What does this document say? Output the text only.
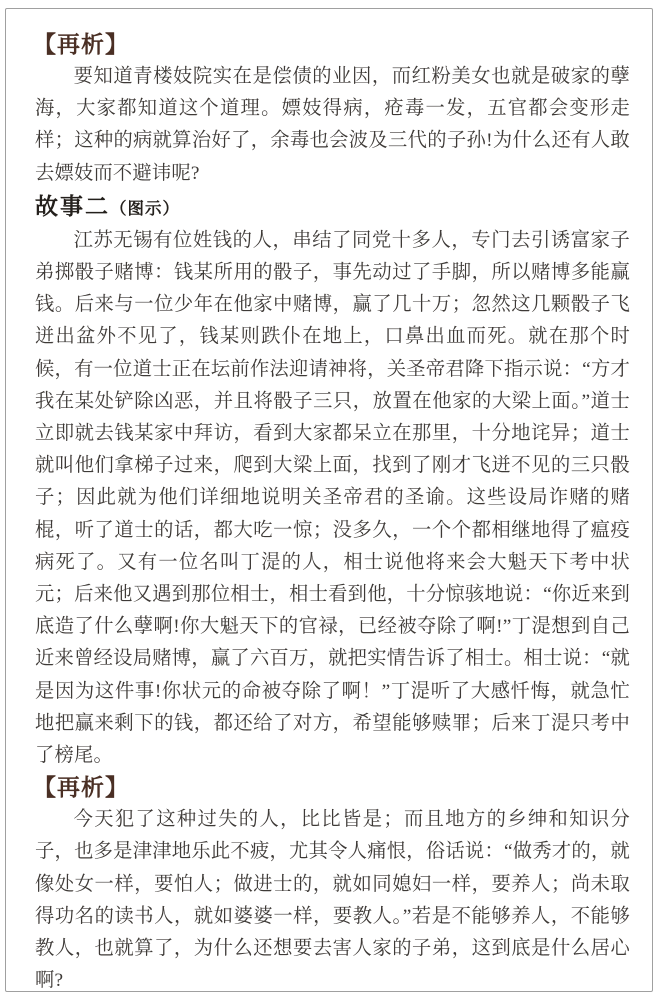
【再析】

要知道青楼妓院实在是偿债的业因，而红粉美女也就是破家的孽海，大家都知道这个道理。嫖妓得病，疮毒一发，五官都会变形走样；这种的病就算治好了，余毒也会波及三代的子孙!为什么还有人敢去嫖妓而不避讳呢?

故事二（图示）

江苏无锡有位姓钱的人，串结了同党十多人，专门去引诱富家子弟掷骰子赌博：钱某所用的骰子，事先动过了手脚，所以赌博多能赢钱。后来与一位少年在他家中赌博，赢了几十万；忽然这几颗骰子飞迸出盆外不见了，钱某则跌仆在地上，口鼻出血而死。就在那个时候，有一位道士正在坛前作法迎请神将，关圣帝君降下指示说：“方才我在某处铲除凶恶，并且将骰子三只，放置在他家的大梁上面。”道士立即就去钱某家中拜访，看到大家都呆立在那里，十分地诧异；道士就叫他们拿梯子过来，爬到大梁上面，找到了刚才飞迸不见的三只骰子；因此就为他们详细地说明关圣帝君的圣谕。这些设局诈赌的赌棍，听了道士的话，都大吃一惊；没多久，一个个都相继地得了瘟疫病死了。又有一位名叫丁湜的人，相士说他将来会大魁天下考中状元；后来他又遇到那位相士，相士看到他，十分惊骇地说：“你近来到底造了什么孽啊!你大魁天下的官禄，已经被夺除了啊!”丁湜想到自己近来曾经设局赌博，赢了六百万，就把实情告诉了相士。相士说：“就是因为这件事!你状元的命被夺除了啊！”丁湜听了大感忏悔，就急忙地把赢来剩下的钱，都还给了对方，希望能够赎罪；后来丁湜只考中了榜尾。

【再析】

今天犯了这种过失的人，比比皆是；而且地方的乡绅和知识分子，也多是津津地乐此不疲，尤其令人痛恨，俗话说：“做秀才的，就像处女一样，要怕人；做进士的，就如同媳妇一样，要养人；尚未取得功名的读书人，就如婆婆一样，要教人。”若是不能够养人，不能够教人，也就算了，为什么还想要去害人家的子弟，这到底是什么居心啊?
